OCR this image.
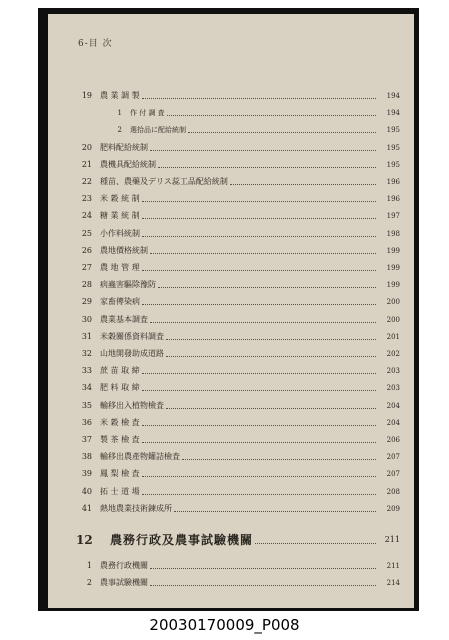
6-目 次
19 農 業 調 製	194
1 作 付 調 査	194
2 選拾品に配給統制	195
20 肥料配給統制	195
21 農機具配給統制	195
22 種苗、農藥及デリス蕊工品配給統制	196
23 米 穀 統 制	196
24 糖 業 統 制	197
25 小作料統制	198
26 農地價格統制	199
27 農 地 管 理	199
28 病蟲害驅除豫防	199
29 家畜傳染病	200
30 農業基本調査	200
31 米穀關係資料調査	201
32 山地開發助成道路	202
33 蔗 苗 取 締	203
34 肥 料 取 締	203
35 輸移出入植物檢査	204
36 米 穀 檢 査	204
37 製 茶 檢 査	206
38 輸移出農產物鑵詰檢査	207
39 鳳 梨 檢 査	207
40 拓 士 道 場	208
41 熱地農業技術鍊成所	209
12 農務行政及農事試驗機關	211
1 農務行政機關	211
2 農事試驗機關	214
20030170009_P008
